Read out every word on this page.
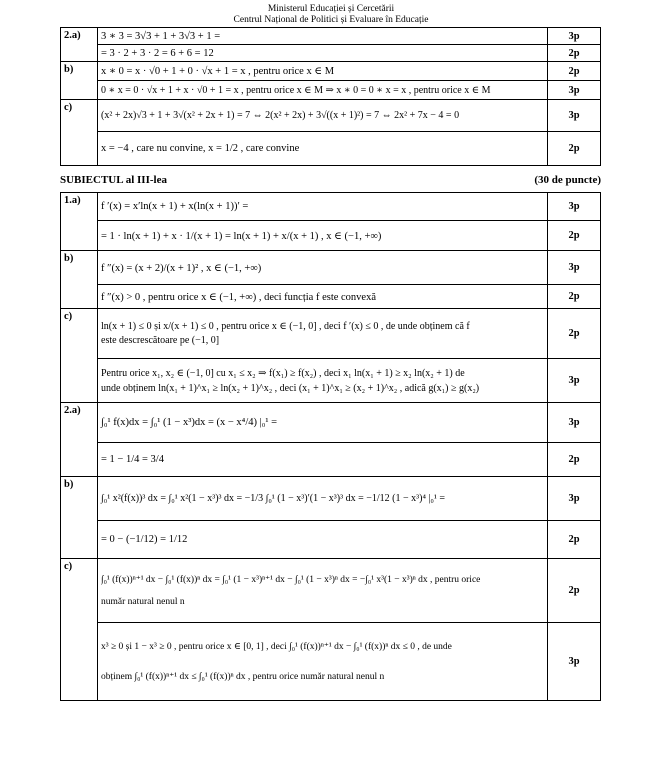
Ministerul Educației și Cercetării
Centrul Național de Politici și Evaluare în Educație
2.a)	3 ∗ 3 = 3√3 + 1 + 3√3 + 1 =	3p
	= 3 · 2 + 3 · 2 = 6 + 6 = 12	2p
b)	x ∗ 0 = x · √0 + 1 + 0 · √x + 1 = x , pentru orice x ∈ M	2p
	0 ∗ x = 0 · √x + 1 + x · √0 + 1 = x , pentru orice x ∈ M ⇒ x ∗ 0 = 0 ∗ x = x , pentru orice x ∈ M	3p
c)	(x² + 2x)√3 + 1 + 3√(x² + 2x + 1) = 7 ⇔ 2(x² + 2x) + 3√((x + 1)²) = 7 ⇔ 2x² + 7x − 4 = 0	3p
	x = −4 , care nu convine, x = 1/2 , care convine	2p
SUBIECTUL al III-lea	(30 de puncte)
1.a)	f ′(x) = x′ln(x + 1) + x(ln(x + 1))′ =	3p
	= 1 · ln(x + 1) + x · 1/(x + 1) = ln(x + 1) + x/(x + 1) , x ∈ (−1, +∞)	2p
b)	f ″(x) = (x + 2)/(x + 1)² , x ∈ (−1, +∞)	3p
	f ″(x) > 0 , pentru orice x ∈ (−1, +∞) , deci funcția f este convexă	2p
c)	ln(x + 1) ≤ 0 și x/(x + 1) ≤ 0 , pentru orice x ∈ (−1, 0] , deci f ′(x) ≤ 0 , de unde obținem că f
este descrescătoare pe (−1, 0]	2p

	Pentru orice x₁, x₂ ∈ (−1, 0] cu x₁ ≤ x₂ ⇒ f(x₁) ≥ f(x₂) , deci x₁ ln(x₁ + 1) ≥ x₂ ln(x₂ + 1) de
unde obținem ln(x₁ + 1)^x₁ ≥ ln(x₂ + 1)^x₂ , deci (x₁ + 1)^x₁ ≥ (x₂ + 1)^x₂ , adică g(x₁) ≥ g(x₂)	3p
2.a)	∫₀¹ f(x)dx = ∫₀¹ (1 − x³)dx = (x − x⁴/4) |₀¹ =	3p
	= 1 − 1/4 = 3/4	2p
b)	∫₀¹ x²(f(x))³ dx = ∫₀¹ x²(1 − x³)³ dx = −1/3 ∫₀¹ (1 − x³)′(1 − x³)³ dx = −1/12 (1 − x³)⁴ |₀¹ =	3p
	= 0 − (−1/12) = 1/12	2p
c)	∫₀¹ (f(x))ⁿ⁺¹ dx − ∫₀¹ (f(x))ⁿ dx = ∫₀¹ (1 − x³)ⁿ⁺¹ dx − ∫₀¹ (1 − x³)ⁿ dx = −∫₀¹ x³(1 − x³)ⁿ dx , pentru orice
număr natural nenul n	2p

	x³ ≥ 0 și 1 − x³ ≥ 0 , pentru orice x ∈ [0, 1] , deci ∫₀¹ (f(x))ⁿ⁺¹ dx − ∫₀¹ (f(x))ⁿ dx ≤ 0 , de unde
obținem ∫₀¹ (f(x))ⁿ⁺¹ dx ≤ ∫₀¹ (f(x))ⁿ dx , pentru orice număr natural nenul n	3p
